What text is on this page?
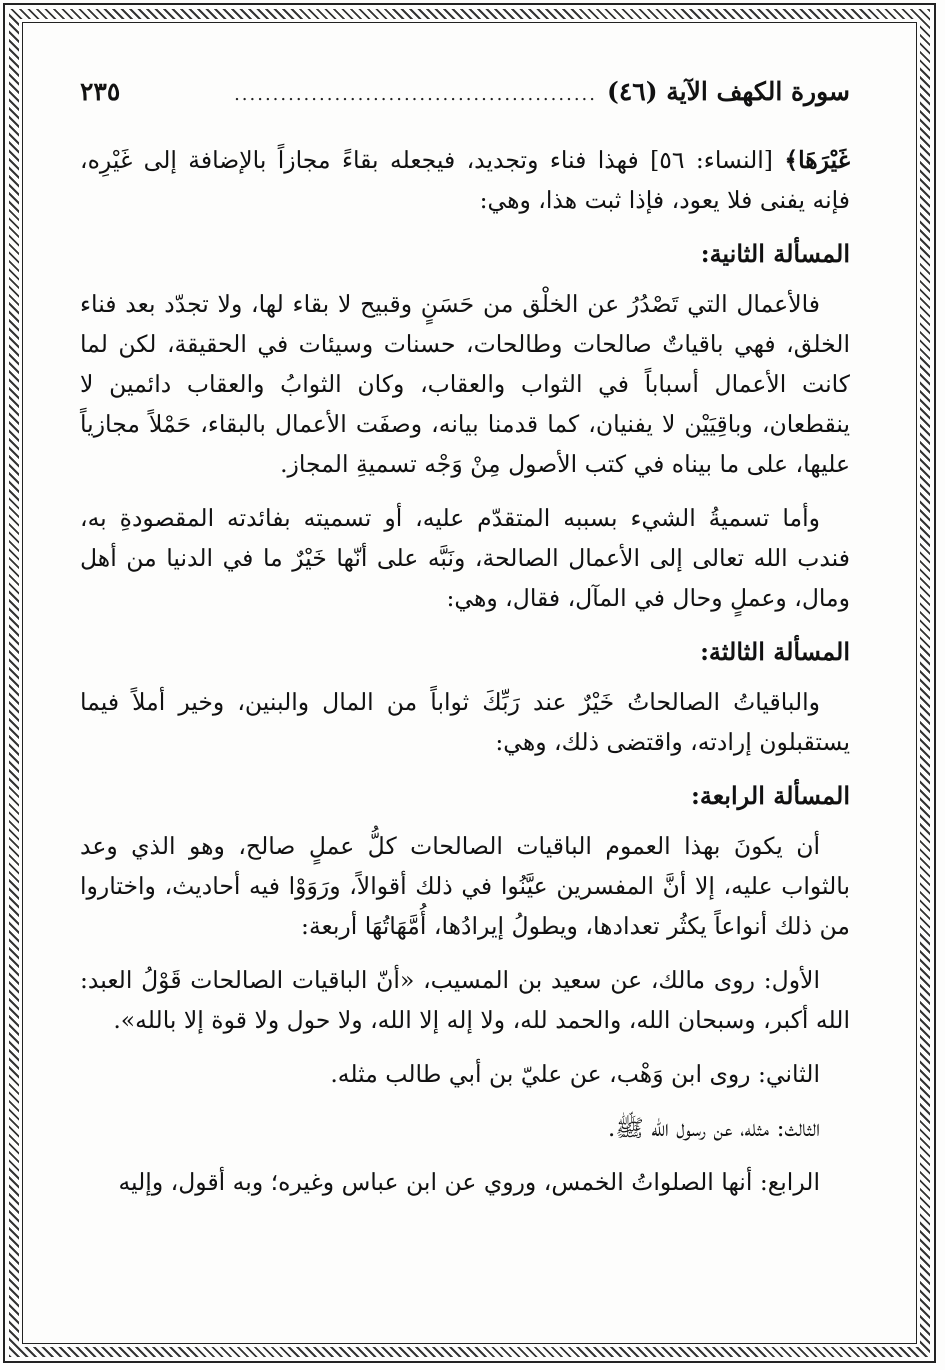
سورة الكهف الآية (٤٦)
...............................................
٢٣٥

غَيْرَهَا﴾ [النساء: ٥٦] فهذا فناء وتجديد، فيجعله بقاءً مجازاً بالإضافة إلى غَيْرِه، فإنه يفنى فلا يعود، فإذا ثبت هذا، وهي:

المسألة الثانية:

فالأعمال التي تَصْدُرُ عن الخلْق من حَسَنٍ وقبيح لا بقاء لها، ولا تجدّد بعد فناء الخلق، فهي باقياتٌ صالحات وطالحات، حسنات وسيئات في الحقيقة، لكن لما كانت الأعمال أسباباً في الثواب والعقاب، وكان الثوابُ والعقاب دائمين لا ينقطعان، وباقِيَيْن لا يفنيان، كما قدمنا بيانه، وصفَت الأعمال بالبقاء، حَمْلاً مجازياً عليها، على ما بيناه في كتب الأصول مِنْ وَجْه تسميةِ المجاز.

وأما تسميةُ الشيء بسببه المتقدّم عليه، أو تسميته بفائدته المقصودةِ به، فندب الله تعالى إلى الأعمال الصالحة، ونَبَّه على أنّها خَيْرٌ ما في الدنيا من أهل ومال، وعملٍ وحال في المآل، فقال، وهي:

المسألة الثالثة:

والباقياتُ الصالحاتُ خَيْرٌ عند رَبِّكَ ثواباً من المال والبنين، وخير أملاً فيما يستقبلون إرادته، واقتضى ذلك، وهي:

المسألة الرابعة:

أن يكونَ بهذا العموم الباقيات الصالحات كلُّ عملٍ صالح، وهو الذي وعد بالثواب عليه، إلا أنَّ المفسرين عيَّنُوا في ذلك أقوالاً، ورَوَوْا فيه أحاديث، واختاروا من ذلك أنواعاً يكثُر تعدادها، ويطولُ إيرادُها، أُمَّهَاتُهَا أربعة:

الأول: روى مالك، عن سعيد بن المسيب، «أنّ الباقيات الصالحات قَوْلُ العبد: الله أكبر، وسبحان الله، والحمد لله، ولا إله إلا الله، ولا حول ولا قوة إلا بالله».

الثاني: روى ابن وَهْب، عن عليّ بن أبي طالب مثله.

الثالث: مثله، عن رسول الله ﷺ.

الرابع: أنها الصلواتُ الخمس، وروي عن ابن عباس وغيره؛ وبه أقول، وإليه
